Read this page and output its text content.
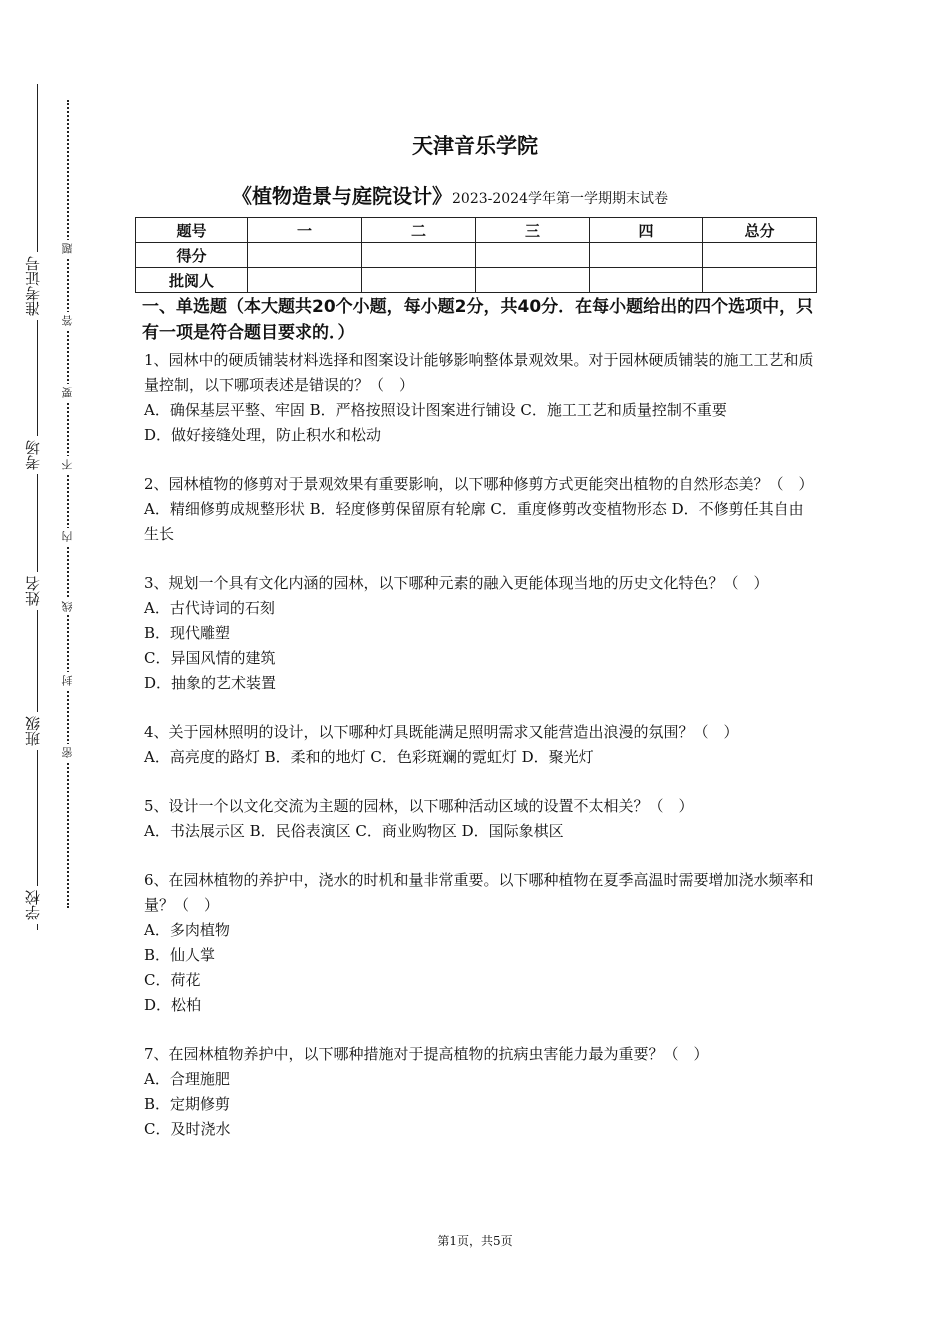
准考证号
考场
姓名
班级
学校
题
答
要
不
内
线
封
密
天津音乐学院
《植物造景与庭院设计》2023-2024学年第一学期期末试卷
题号	一	二	三	四	总分
得分					
批阅人					
一、单选题（本大题共20个小题，每小题2分，共40分．在每小题给出的四个选项中，只有一项是符合题目要求的．）

1、园林中的硬质铺装材料选择和图案设计能够影响整体景观效果。对于园林硬质铺装的施工工艺和质量控制，以下哪项表述是错误的？（　）

A．确保基层平整、牢固 B．严格按照设计图案进行铺设 C．施工工艺和质量控制不重要

D．做好接缝处理，防止积水和松动

2、园林植物的修剪对于景观效果有重要影响，以下哪种修剪方式更能突出植物的自然形态美？（　）

A．精细修剪成规整形状 B．轻度修剪保留原有轮廓 C．重度修剪改变植物形态 D．不修剪任其自由生长

3、规划一个具有文化内涵的园林，以下哪种元素的融入更能体现当地的历史文化特色？（　）

A．古代诗词的石刻
B．现代雕塑
C．异国风情的建筑
D．抽象的艺术装置

4、关于园林照明的设计，以下哪种灯具既能满足照明需求又能营造出浪漫的氛围？（　）

A．高亮度的路灯 B．柔和的地灯 C．色彩斑斓的霓虹灯 D．聚光灯

5、设计一个以文化交流为主题的园林，以下哪种活动区域的设置不太相关？（　）

A．书法展示区 B．民俗表演区 C．商业购物区 D．国际象棋区

6、在园林植物的养护中，浇水的时机和量非常重要。以下哪种植物在夏季高温时需要增加浇水频率和量？（　）

A．多肉植物
B．仙人掌
C．荷花
D．松柏

7、在园林植物养护中，以下哪种措施对于提高植物的抗病虫害能力最为重要？（　）

A．合理施肥
B．定期修剪
C．及时浇水
第1页，共5页
